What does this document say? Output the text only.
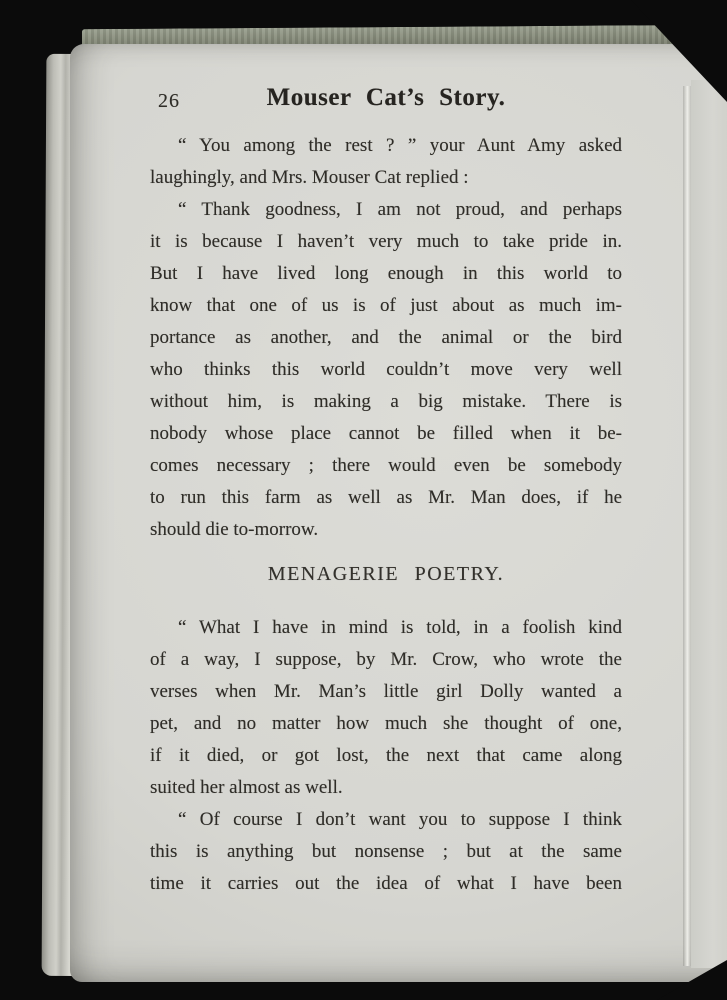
26	Mouser Cat’s Story.
“ You among the rest ? ” your Aunt Amy asked
laughingly, and Mrs. Mouser Cat replied :
“ Thank goodness, I am not proud, and perhaps
it is because I haven’t very much to take pride in.
But I have lived long enough in this world to
know that one of us is of just about as much im-
portance as another, and the animal or the bird
who thinks this world couldn’t move very well
without him, is making a big mistake. There is
nobody whose place cannot be filled when it be-
comes necessary ; there would even be somebody
to run this farm as well as Mr. Man does, if he
should die to-morrow.
MENAGERIE POETRY.
“ What I have in mind is told, in a foolish kind
of a way, I suppose, by Mr. Crow, who wrote the
verses when Mr. Man’s little girl Dolly wanted a
pet, and no matter how much she thought of one,
if it died, or got lost, the next that came along
suited her almost as well.
“ Of course I don’t want you to suppose I think
this is anything but nonsense ; but at the same
time it carries out the idea of what I have been
